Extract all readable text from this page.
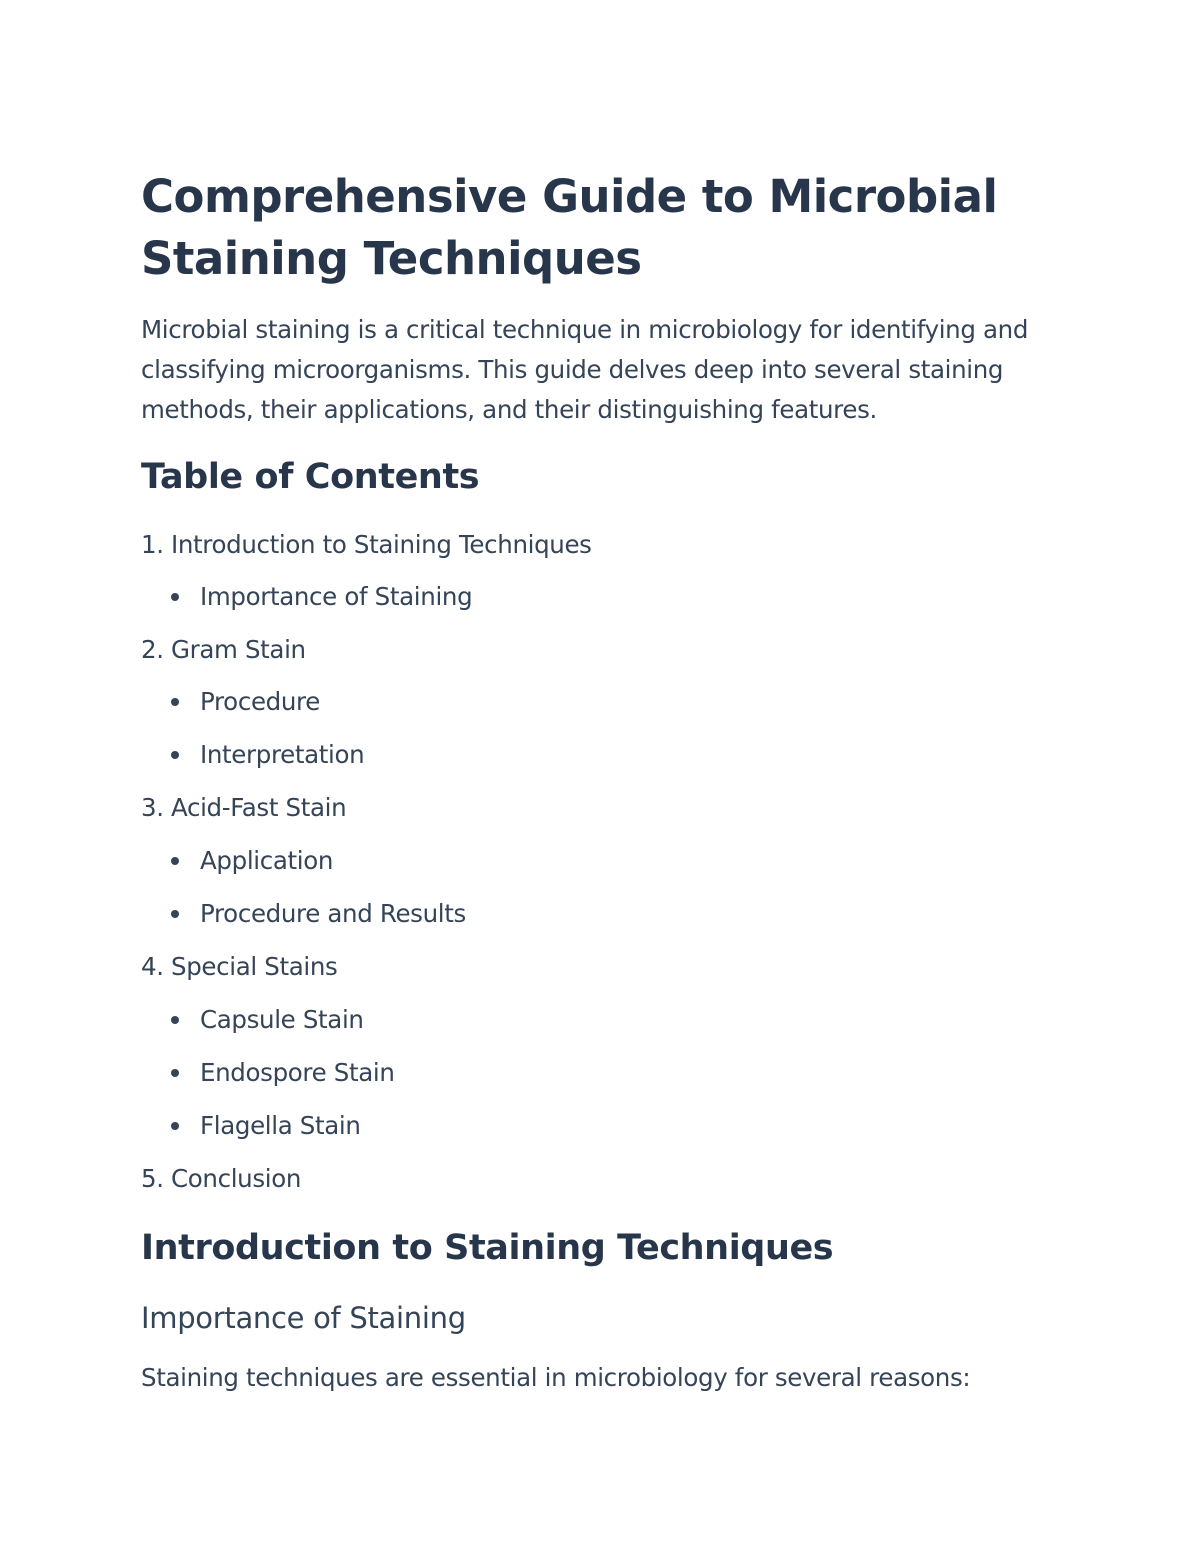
Comprehensive Guide to Microbial Staining Techniques

Microbial staining is a critical technique in microbiology for identifying and classifying microorganisms. This guide delves deep into several staining methods, their applications, and their distinguishing features.

Table of Contents
1. Introduction to Staining Techniques
Importance of Staining
2. Gram Stain
Procedure
Interpretation
3. Acid-Fast Stain
Application
Procedure and Results
4. Special Stains
Capsule Stain
Endospore Stain
Flagella Stain
5. Conclusion
Introduction to Staining Techniques
Importance of Staining

Staining techniques are essential in microbiology for several reasons:
